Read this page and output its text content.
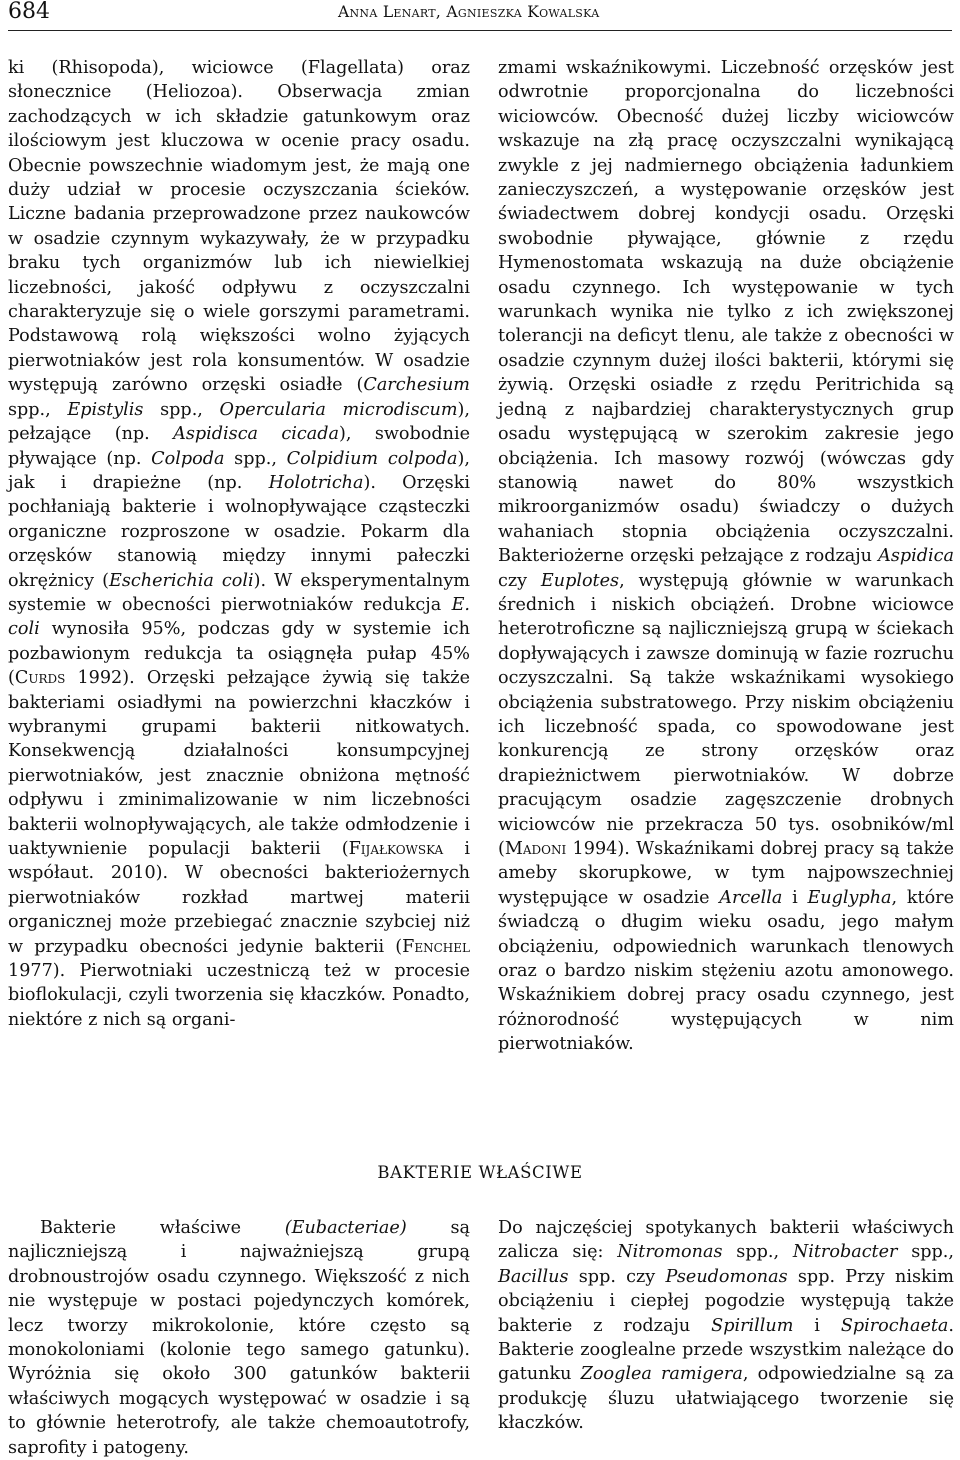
684	Anna Lenart, Agnieszka Kowalska

ki (Rhisopoda), wiciowce (Flagellata) oraz słonecznice (Heliozoa). Obserwacja zmian zachodzących w ich składzie gatunkowym oraz ilościowym jest kluczowa w ocenie pracy osadu. Obecnie powszechnie wiadomym jest, że mają one duży udział w procesie oczyszczania ścieków. Liczne badania przeprowadzone przez naukowców w osadzie czynnym wykazywały, że w przypadku braku tych organizmów lub ich niewielkiej liczebności, jakość odpływu z oczyszczalni charakteryzuje się o wiele gorszymi parametrami. Podstawową rolą większości wolno żyjących pierwotniaków jest rola konsumentów. W osadzie występują zarówno orzęski osiadłe (Carchesium spp., Epistylis spp., Opercularia microdiscum), pełzające (np. Aspidisca cicada), swobodnie pływające (np. Colpoda spp., Colpidium colpoda), jak i drapieżne (np. Holotricha). Orzęski pochłaniają bakterie i wolnopływające cząsteczki organiczne rozproszone w osadzie. Pokarm dla orzęsków stanowią między innymi pałeczki okrężnicy (Escherichia coli). W eksperymentalnym systemie w obecności pierwotniaków redukcja E. coli wynosiła 95%, podczas gdy w systemie ich pozbawionym redukcja ta osiągnęła pułap 45% (Curds 1992). Orzęski pełzające żywią się także bakteriami osiadłymi na powierzchni kłaczków i wybranymi grupami bakterii nitkowatych. Konsekwencją działalności konsumpcyjnej pierwotniaków, jest znacznie obniżona mętność odpływu i zminimalizowanie w nim liczebności bakterii wolnopływających, ale także odmłodzenie i uaktywnienie populacji bakterii (Fijałkowska i współaut. 2010). W obecności bakteriożernych pierwotniaków rozkład martwej materii organicznej może przebiegać znacznie szybciej niż w przypadku obecności jedynie bakterii (Fenchel 1977). Pierwotniaki uczestniczą też w procesie bioflokulacji, czyli tworzenia się kłaczków. Ponadto, niektóre z nich są organi-

zmami wskaźnikowymi. Liczebność orzęsków jest odwrotnie proporcjonalna do liczebności wiciowców. Obecność dużej liczby wiciowców wskazuje na złą pracę oczyszczalni wynikającą zwykle z jej nadmiernego obciążenia ładunkiem zanieczyszczeń, a występowanie orzęsków jest świadectwem dobrej kondycji osadu. Orzęski swobodnie pływające, głównie z rzędu Hymenostomata wskazują na duże obciążenie osadu czynnego. Ich występowanie w tych warunkach wynika nie tylko z ich zwiększonej tolerancji na deficyt tlenu, ale także z obecności w osadzie czynnym dużej ilości bakterii, którymi się żywią. Orzęski osiadłe z rzędu Peritrichida są jedną z najbardziej charakterystycznych grup osadu występującą w szerokim zakresie jego obciążenia. Ich masowy rozwój (wówczas gdy stanowią nawet do 80% wszystkich mikroorganizmów osadu) świadczy o dużych wahaniach stopnia obciążenia oczyszczalni. Bakteriożerne orzęski pełzające z rodzaju Aspidica czy Euplotes, występują głównie w warunkach średnich i niskich obciążeń. Drobne wiciowce heterotroficzne są najliczniejszą grupą w ściekach dopływających i zawsze dominują w fazie rozruchu oczyszczalni. Są także wskaźnikami wysokiego obciążenia substratowego. Przy niskim obciążeniu ich liczebność spada, co spowodowane jest konkurencją ze strony orzęsków oraz drapieżnictwem pierwotniaków. W dobrze pracującym osadzie zagęszczenie drobnych wiciowców nie przekracza 50 tys. osobników/ml (Madoni 1994). Wskaźnikami dobrej pracy są także ameby skorupkowe, w tym najpowszechniej występujące w osadzie Arcella i Euglypha, które świadczą o długim wieku osadu, jego małym obciążeniu, odpowiednich warunkach tlenowych oraz o bardzo niskim stężeniu azotu amonowego. Wskaźnikiem dobrej pracy osadu czynnego, jest różnorodność występujących w nim pierwotniaków.

BAKTERIE WŁAŚCIWE

Bakterie właściwe (Eubacteriae) są najliczniejszą i najważniejszą grupą drobnoustrojów osadu czynnego. Większość z nich nie występuje w postaci pojedynczych komórek, lecz tworzy mikrokolonie, które często są monokoloniami (kolonie tego samego gatunku). Wyróżnia się około 300 gatunków bakterii właściwych mogących występować w osadzie i są to głównie heterotrofy, ale także chemoautotrofy, saprofity i patogeny.

Do najczęściej spotykanych bakterii właściwych zalicza się: Nitromonas spp., Nitrobacter spp., Bacillus spp. czy Pseudomonas spp. Przy niskim obciążeniu i ciepłej pogodzie występują także bakterie z rodzaju Spirillum i Spirochaeta. Bakterie zooglealne przede wszystkim należące do gatunku Zooglea ramigera, odpowiedzialne są za produkcję śluzu ułatwiającego tworzenie się kłaczków.
